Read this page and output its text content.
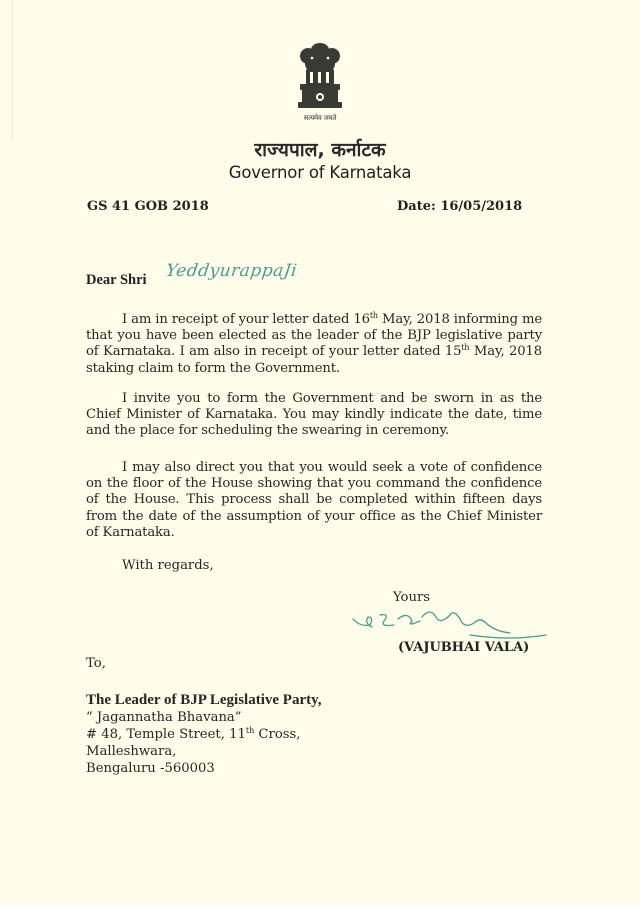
सत्यमेव जयते
राज्यपाल, कर्नाटक
Governor of Karnataka
GS 41 GOB 2018	Date: 16/05/2018
Dear Shri YeddyurappaJi
I am in receipt of your letter dated 16th May, 2018 informing me that you have been elected as the leader of the BJP legislative party of Karnataka. I am also in receipt of your letter dated 15th May, 2018 staking claim to form the Government.
I invite you to form the Government and be sworn in as the Chief Minister of Karnataka. You may kindly indicate the date, time and the place for scheduling the swearing in ceremony.
I may also direct you that you would seek a vote of confidence on the floor of the House showing that you command the confidence of the House. This process shall be completed within fifteen days from the date of the assumption of your office as the Chief Minister of Karnataka.
With regards,
Yours
(VAJUBHAI VALA)
To,
The Leader of BJP Legislative Party,
“ Jagannatha Bhavana”
# 48, Temple Street, 11th Cross,
Malleshwara,
Bengaluru -560003
